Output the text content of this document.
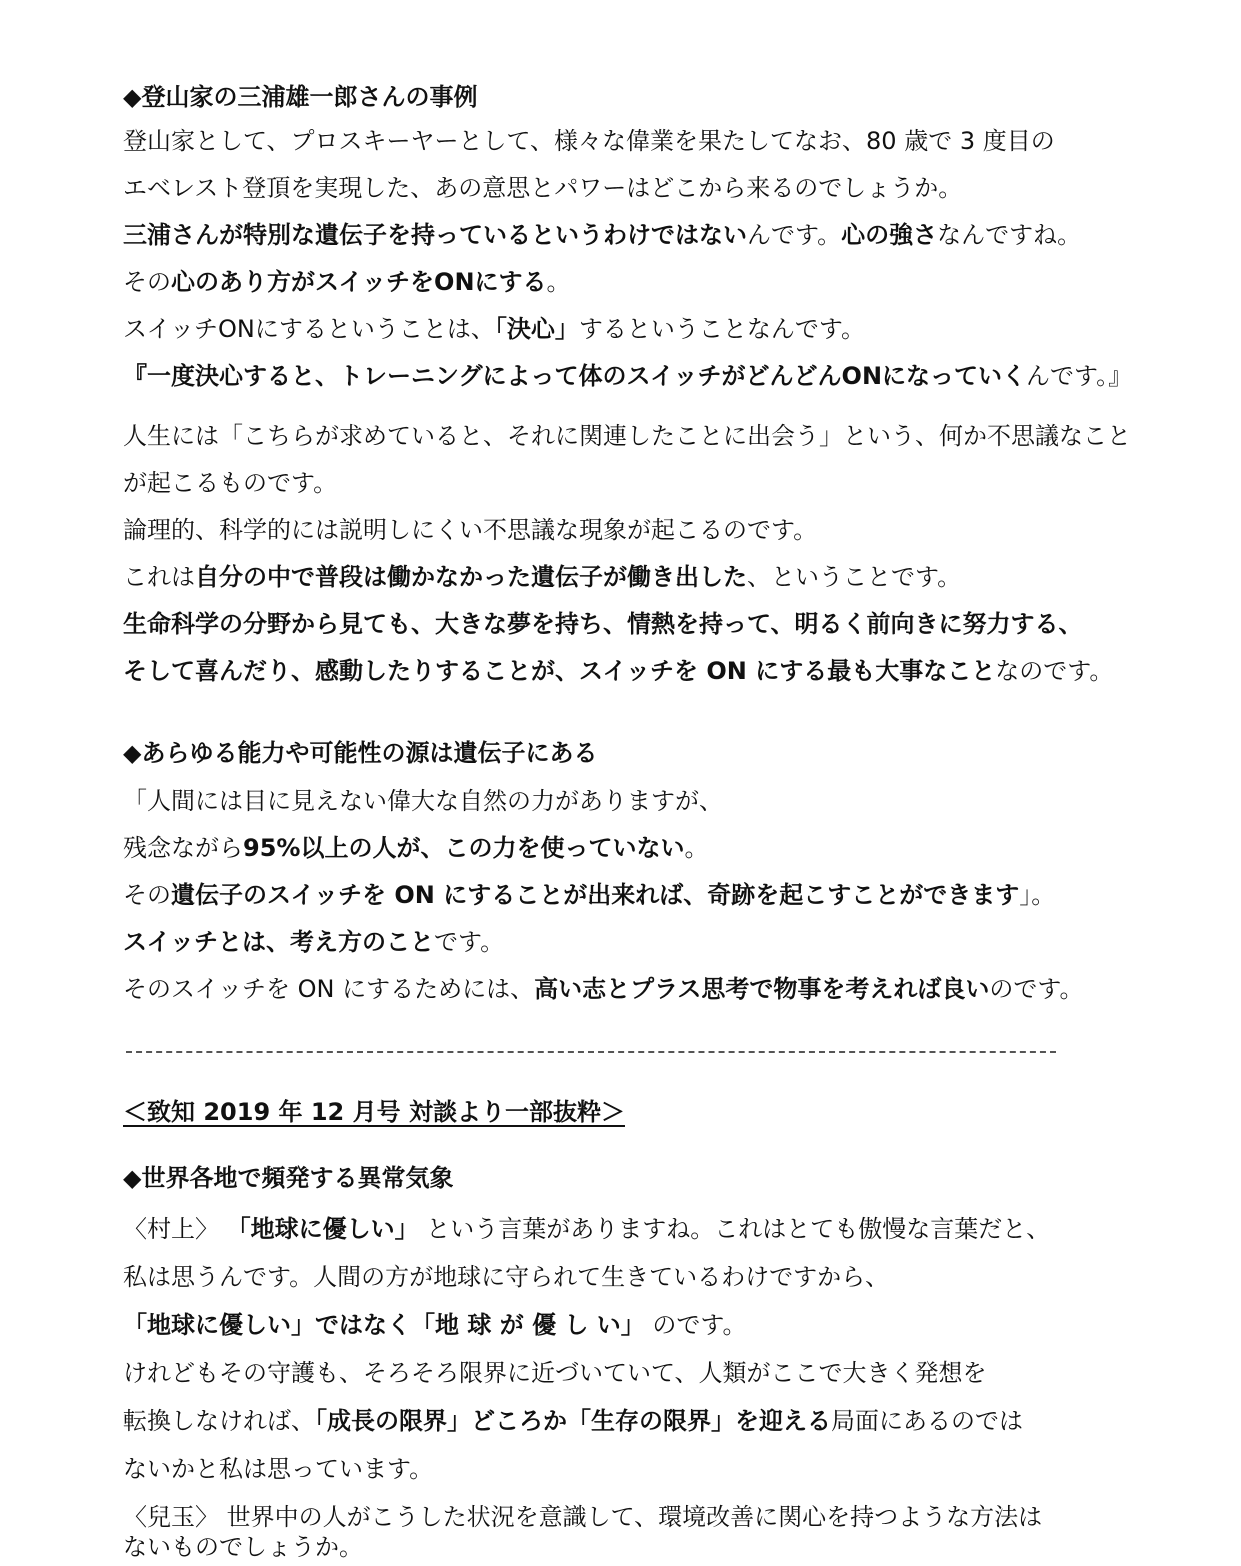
◆登山家の三浦雄一郎さんの事例
登山家として、プロスキーヤーとして、様々な偉業を果たしてなお、80 歳で 3 度目の
エベレスト登頂を実現した、あの意思とパワーはどこから来るのでしょうか。
三浦さんが特別な遺伝子を持っているというわけではないんです。心の強さなんですね。
その心のあり方がスイッチをONにする。
スイッチONにするということは、「決心」するということなんです。
『一度決心すると、トレーニングによって体のスイッチがどんどんONになっていくんです。』
人生には「こちらが求めていると、それに関連したことに出会う」という、何か不思議なこと
が起こるものです。
論理的、科学的には説明しにくい不思議な現象が起こるのです。
これは自分の中で普段は働かなかった遺伝子が働き出した、ということです。
生命科学の分野から見ても、大きな夢を持ち、情熱を持って、明るく前向きに努力する、
そして喜んだり、感動したりすることが、スイッチを ON にする最も大事なことなのです。
◆あらゆる能力や可能性の源は遺伝子にある
「人間には目に見えない偉大な自然の力がありますが、
残念ながら95%以上の人が、この力を使っていない。
その遺伝子のスイッチを ON にすることが出来れば、奇跡を起こすことができます」。
スイッチとは、考え方のことです。
そのスイッチを ON にするためには、高い志とプラス思考で物事を考えれば良いのです。
＜致知 2019 年 12 月号 対談より一部抜粋＞
◆世界各地で頻発する異常気象
〈村上〉 「地球に優しい」 という言葉がありますね。これはとても傲慢な言葉だと、
私は思うんです。人間の方が地球に守られて生きているわけですから、
「地球に優しい」ではなく「地 球 が 優 し い」 のです。
けれどもその守護も、そろそろ限界に近づいていて、人類がここで大きく発想を
転換しなければ、「成長の限界」どころか「生存の限界」を迎える局面にあるのでは
ないかと私は思っています。
〈兒玉〉 世界中の人がこうした状況を意識して、環境改善に関心を持つような方法は
ないものでしょうか。
